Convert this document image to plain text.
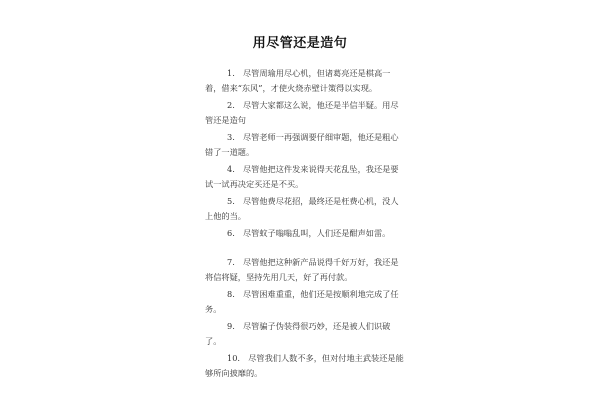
用尽管还是造句

1.　尽管周瑜用尽心机，但诸葛亮还是棋高一着，借来“东风”，才使火烧赤壁计策得以实现。

2.　尽管大家都这么说，他还是半信半疑。用尽管还是造句

3.　尽管老师一再强调要仔细审题，他还是粗心错了一道题。

4.　尽管他把这件发来说得天花乱坠，我还是要试一试再决定买还是不买。

5.　尽管他费尽花招，最终还是枉费心机，没人上他的当。

6.　尽管蚊子嗡嗡乱叫，人们还是酣声如雷。

7.　尽管他把这种新产品说得千好万好，我还是将信将疑，坚持先用几天，好了再付款。

8.　尽管困难重重，他们还是按顺利地完成了任务。

9.　尽管骗子伪装得很巧妙，还是被人们识破了。

10.　尽管我们人数不多，但对付地主武装还是能够所向披靡的。
